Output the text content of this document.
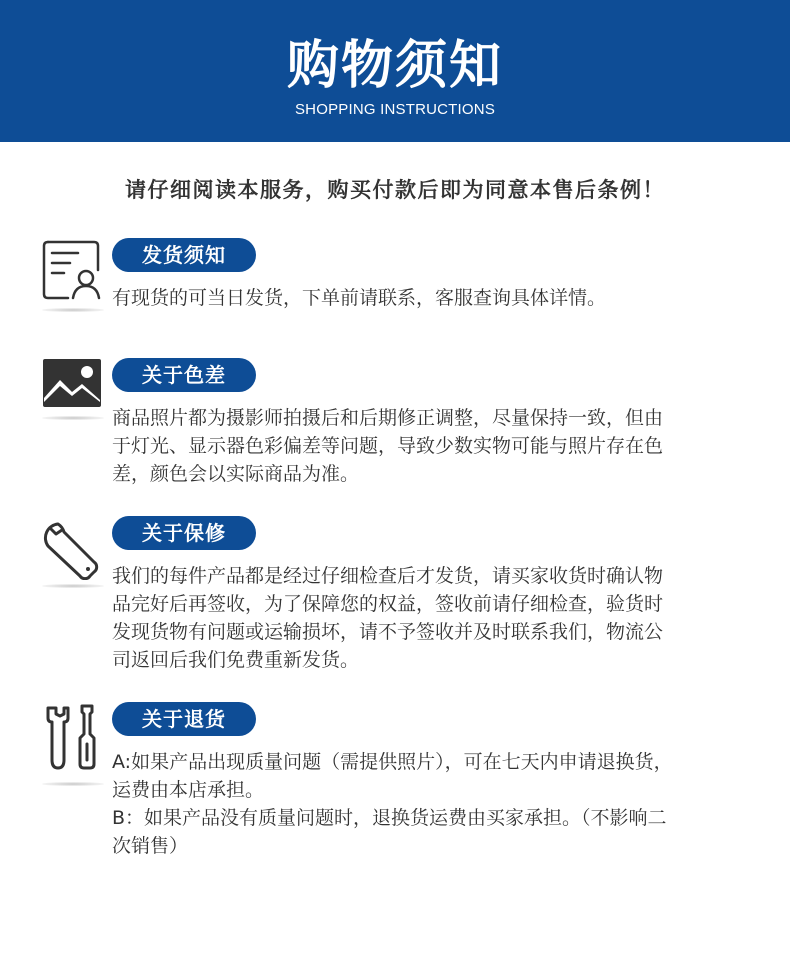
购物须知
SHOPPING INSTRUCTIONS
请仔细阅读本服务，购买付款后即为同意本售后条例！
发货须知
有现货的可当日发货，下单前请联系，客服查询具体详情。
关于色差
商品照片都为摄影师拍摄后和后期修正调整，尽量保持一致，但由
于灯光、显示器色彩偏差等问题，导致少数实物可能与照片存在色
差，颜色会以实际商品为准。
关于保修
我们的每件产品都是经过仔细检查后才发货，请买家收货时确认物
品完好后再签收，为了保障您的权益，签收前请仔细检查，验货时
发现货物有问题或运输损坏，请不予签收并及时联系我们，物流公
司返回后我们免费重新发货。
关于退货
A:如果产品出现质量问题（需提供照片），可在七天内申请退换货，
运费由本店承担。
B：如果产品没有质量问题时，退换货运费由买家承担。（不影响二
次销售）
